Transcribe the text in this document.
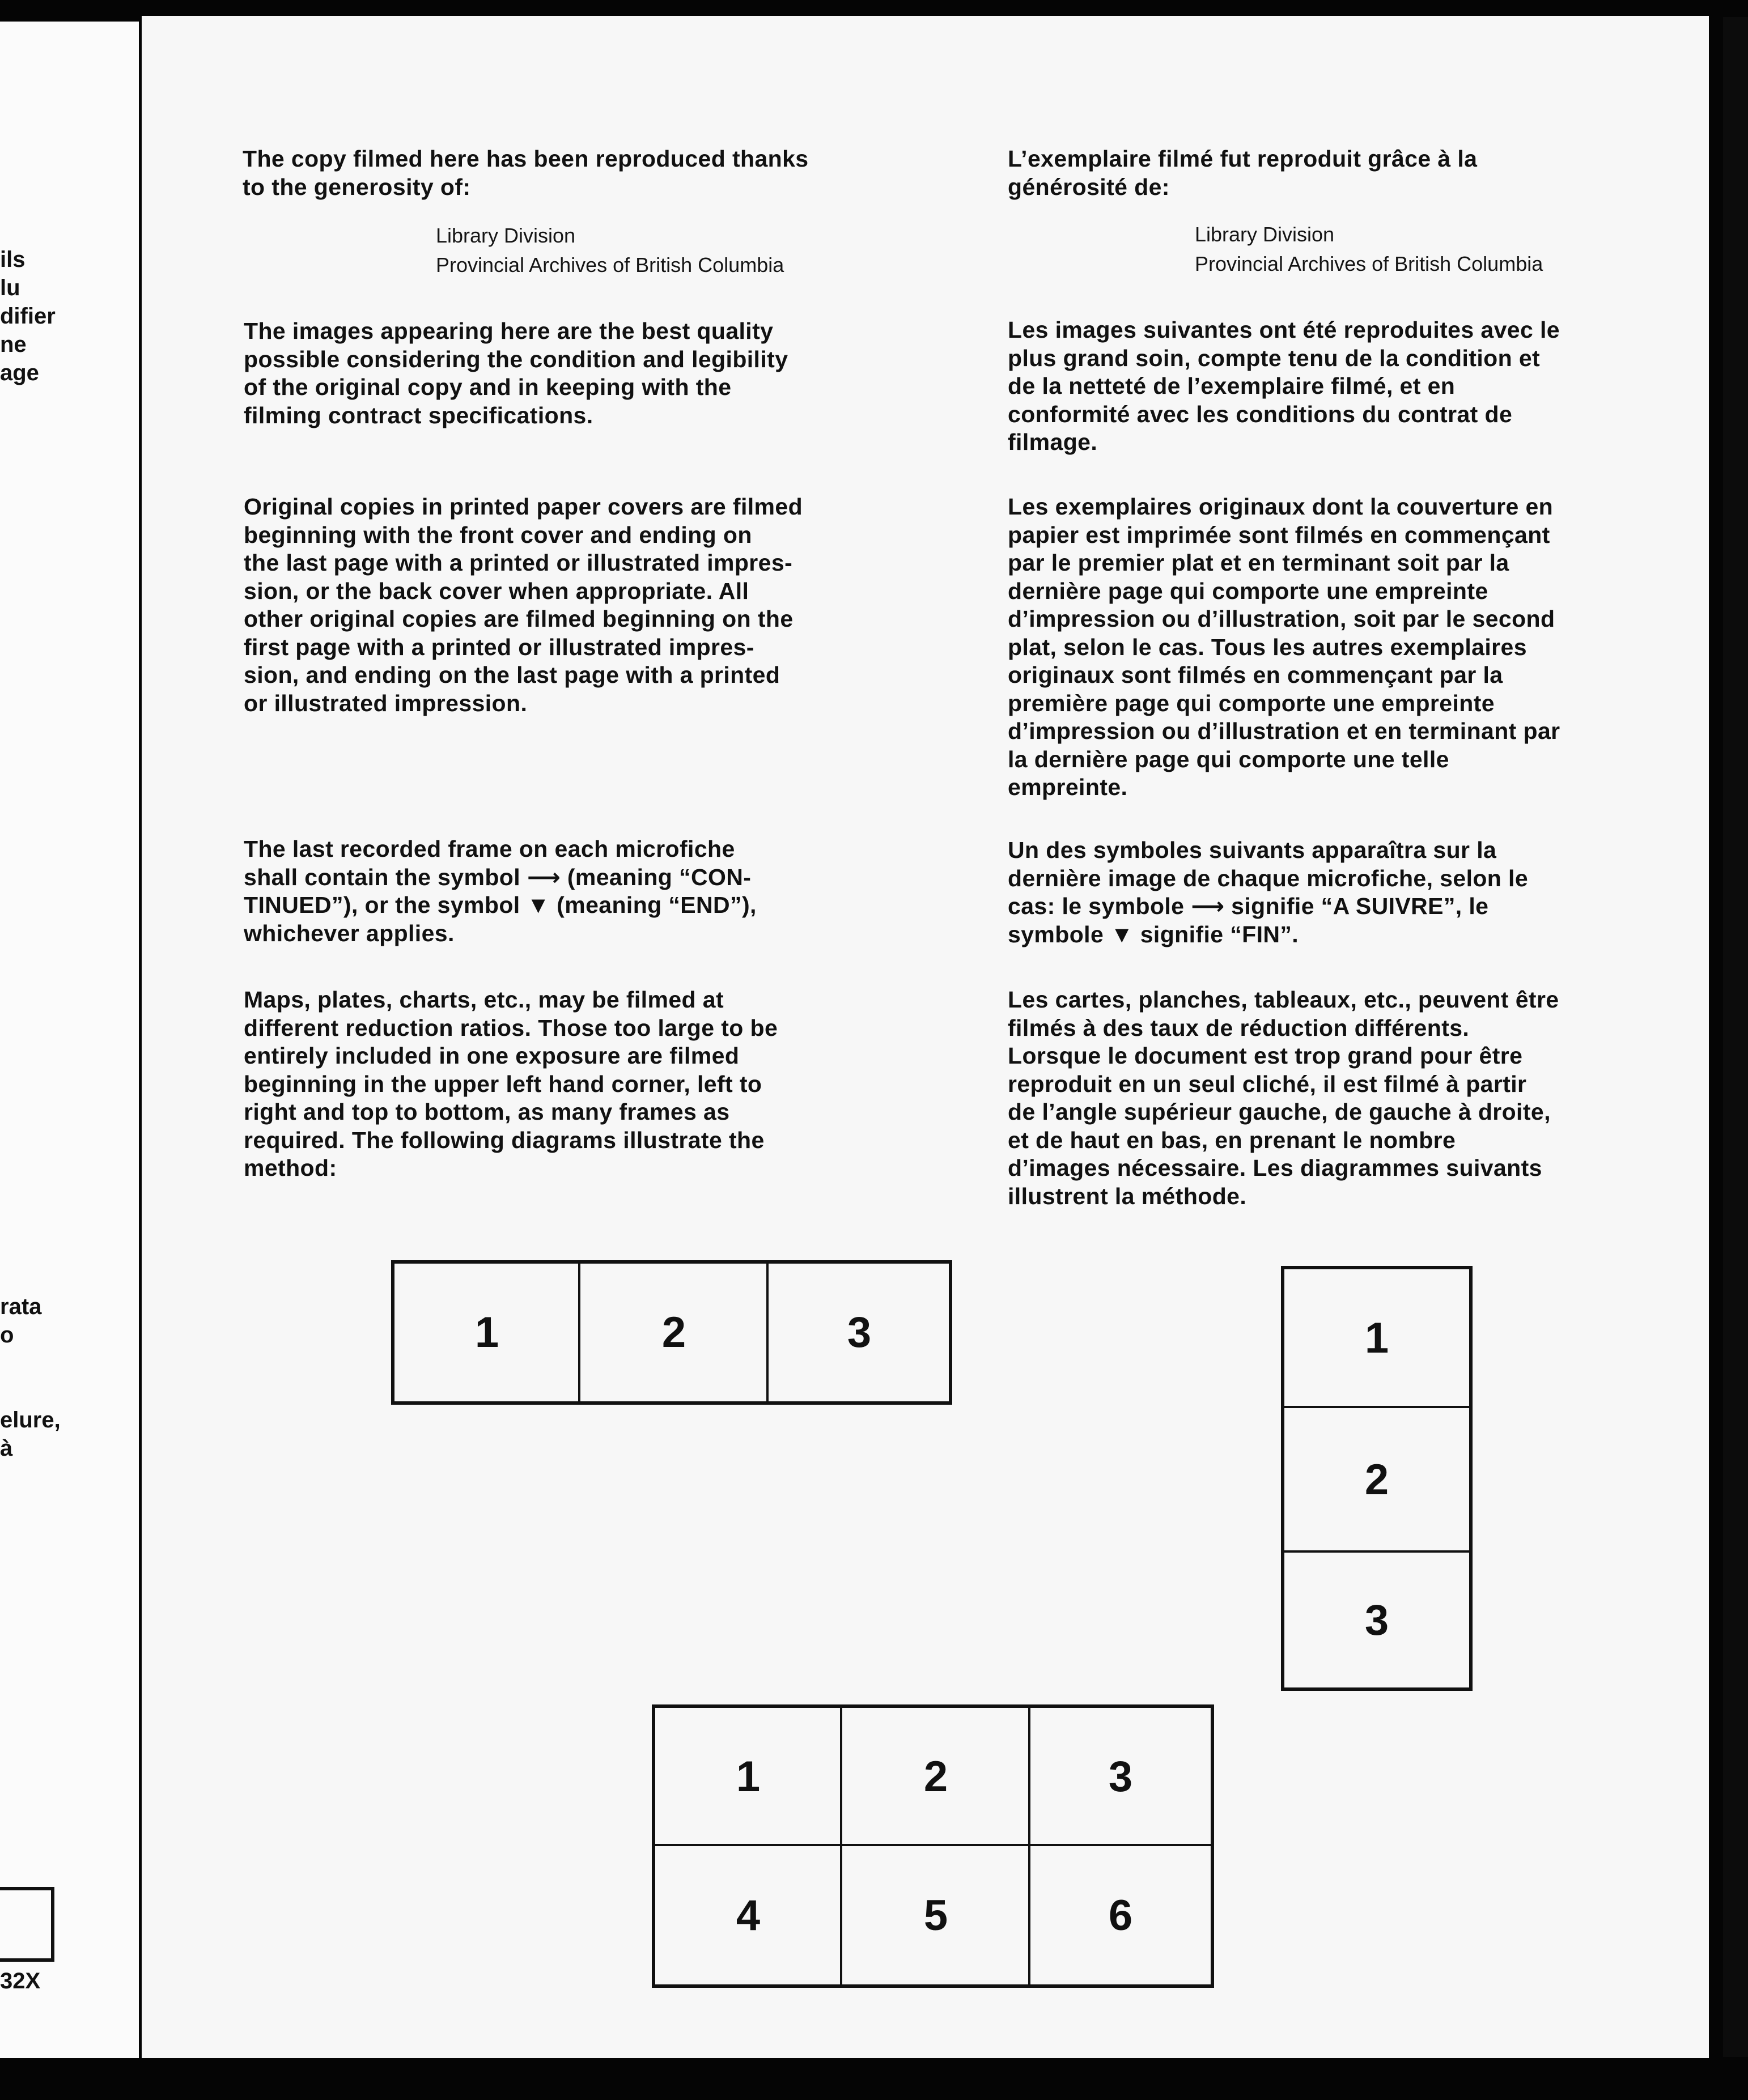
ils
lu
difier
ne
age
rata
o
elure,
à
32X
The copy filmed here has been reproduced thanks
to the generosity of:
Library Division
Provincial Archives of British Columbia
The images appearing here are the best quality
possible considering the condition and legibility
of the original copy and in keeping with the
filming contract specifications.
Original copies in printed paper covers are filmed
beginning with the front cover and ending on
the last page with a printed or illustrated impres-
sion, or the back cover when appropriate. All
other original copies are filmed beginning on the
first page with a printed or illustrated impres-
sion, and ending on the last page with a printed
or illustrated impression.
The last recorded frame on each microfiche
shall contain the symbol ⟶ (meaning “CON-
TINUED”), or the symbol ▼ (meaning “END”),
whichever applies.
Maps, plates, charts, etc., may be filmed at
different reduction ratios. Those too large to be
entirely included in one exposure are filmed
beginning in the upper left hand corner, left to
right and top to bottom, as many frames as
required. The following diagrams illustrate the
method:
L’exemplaire filmé fut reproduit grâce à la
générosité de:
Library Division
Provincial Archives of British Columbia
Les images suivantes ont été reproduites avec le
plus grand soin, compte tenu de la condition et
de la netteté de l’exemplaire filmé, et en
conformité avec les conditions du contrat de
filmage.
Les exemplaires originaux dont la couverture en
papier est imprimée sont filmés en commençant
par le premier plat et en terminant soit par la
dernière page qui comporte une empreinte
d’impression ou d’illustration, soit par le second
plat, selon le cas. Tous les autres exemplaires
originaux sont filmés en commençant par la
première page qui comporte une empreinte
d’impression ou d’illustration et en terminant par
la dernière page qui comporte une telle
empreinte.
Un des symboles suivants apparaîtra sur la
dernière image de chaque microfiche, selon le
cas: le symbole ⟶ signifie “A SUIVRE”, le
symbole ▼ signifie “FIN”.
Les cartes, planches, tableaux, etc., peuvent être
filmés à des taux de réduction différents.
Lorsque le document est trop grand pour être
reproduit en un seul cliché, il est filmé à partir
de l’angle supérieur gauche, de gauche à droite,
et de haut en bas, en prenant le nombre
d’images nécessaire. Les diagrammes suivants
illustrent la méthode.
1	2	3	1
2
3
1	2	3
4	5	6
